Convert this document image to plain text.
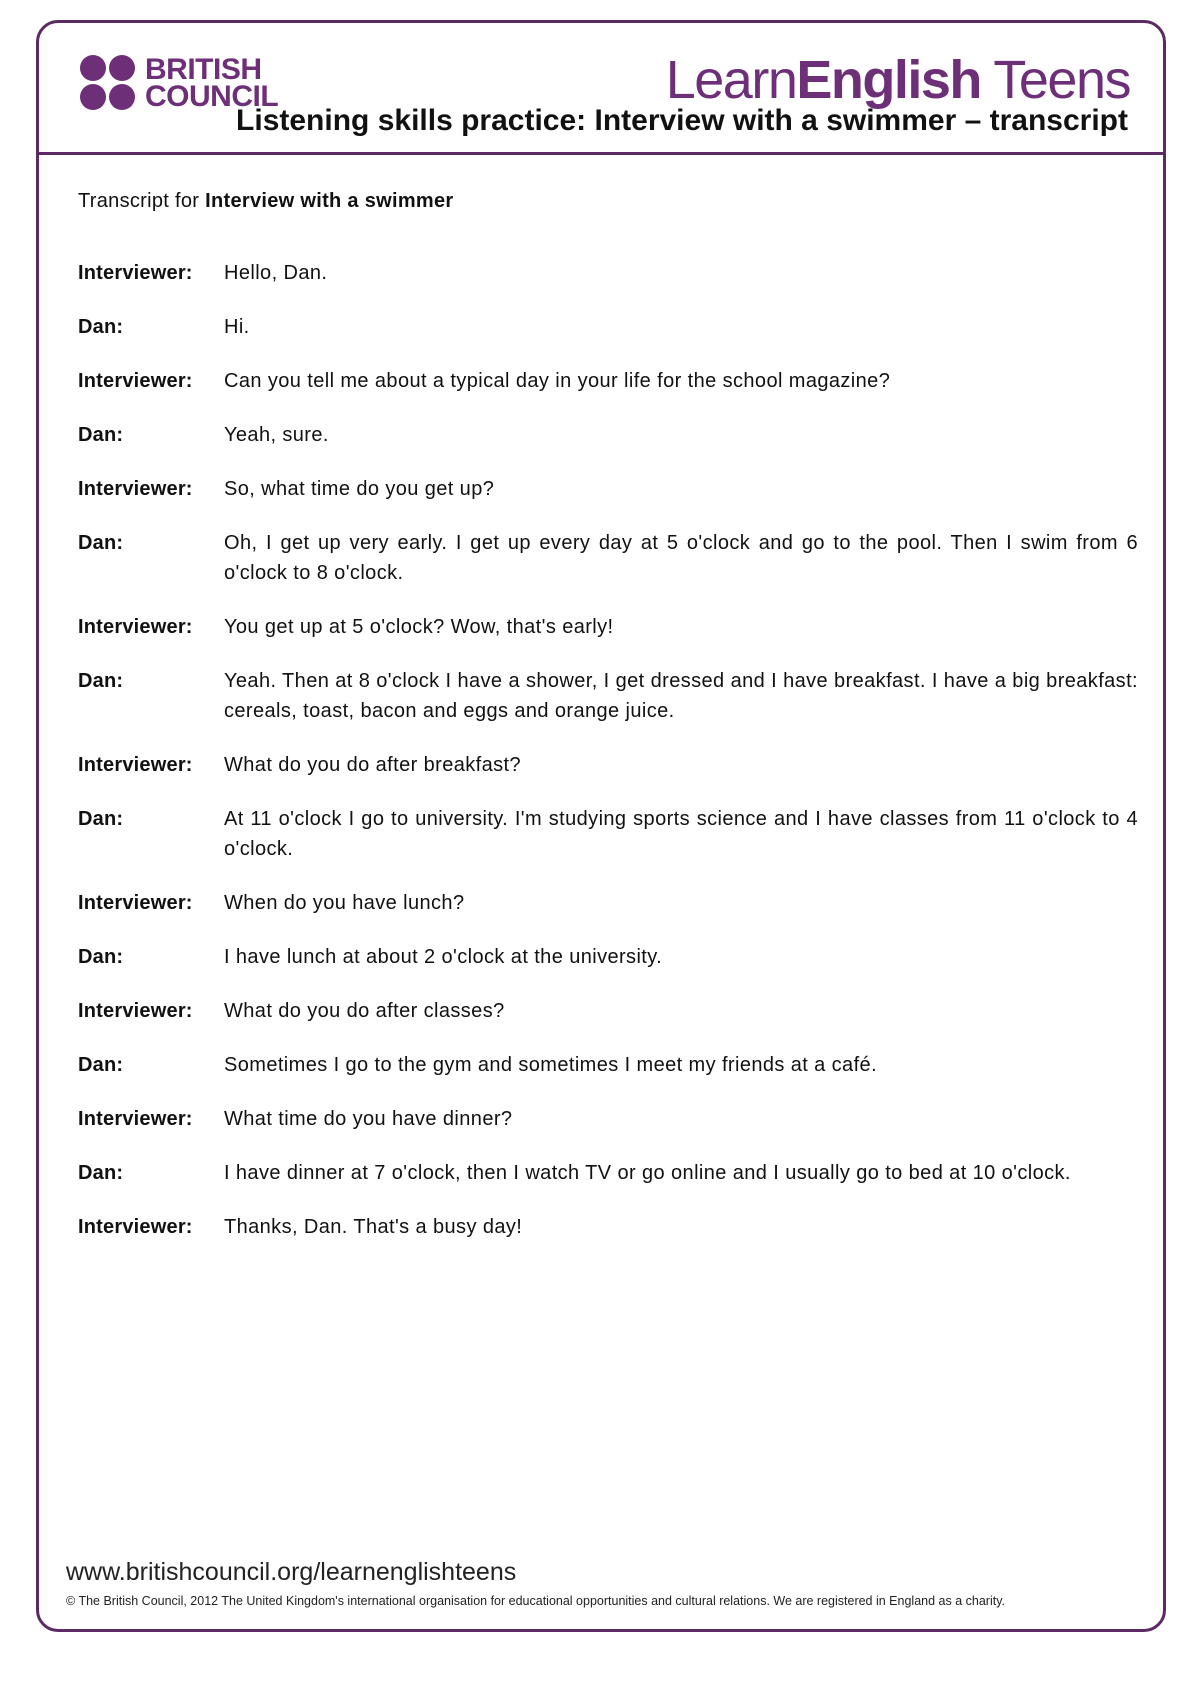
BRITISH
COUNCIL	LearnEnglish Teens
Listening skills practice: Interview with a swimmer – transcript
Transcript for Interview with a swimmer
Interviewer:	Hello, Dan.
Dan:	Hi.
Interviewer:	Can you tell me about a typical day in your life for the school magazine?
Dan:	Yeah, sure.
Interviewer:	So, what time do you get up?
Dan:	Oh, I get up very early. I get up every day at 5 o'clock and go to the pool. Then I swim from 6 o'clock to 8 o'clock.
Interviewer:	You get up at 5 o'clock? Wow, that's early!
Dan:	Yeah. Then at 8 o'clock I have a shower, I get dressed and I have breakfast. I have a big breakfast: cereals, toast, bacon and eggs and orange juice.
Interviewer:	What do you do after breakfast?
Dan:	At 11 o'clock I go to university. I'm studying sports science and I have classes from 11 o'clock to 4 o'clock.
Interviewer:	When do you have lunch?
Dan:	I have lunch at about 2 o'clock at the university.
Interviewer:	What do you do after classes?
Dan:	Sometimes I go to the gym and sometimes I meet my friends at a café.
Interviewer:	What time do you have dinner?
Dan:	I have dinner at 7 o'clock, then I watch TV or go online and I usually go to bed at 10 o'clock.
Interviewer:	Thanks, Dan. That's a busy day!
www.britishcouncil.org/learnenglishteens
© The British Council, 2012 The United Kingdom's international organisation for educational opportunities and cultural relations. We are registered in England as a charity.
